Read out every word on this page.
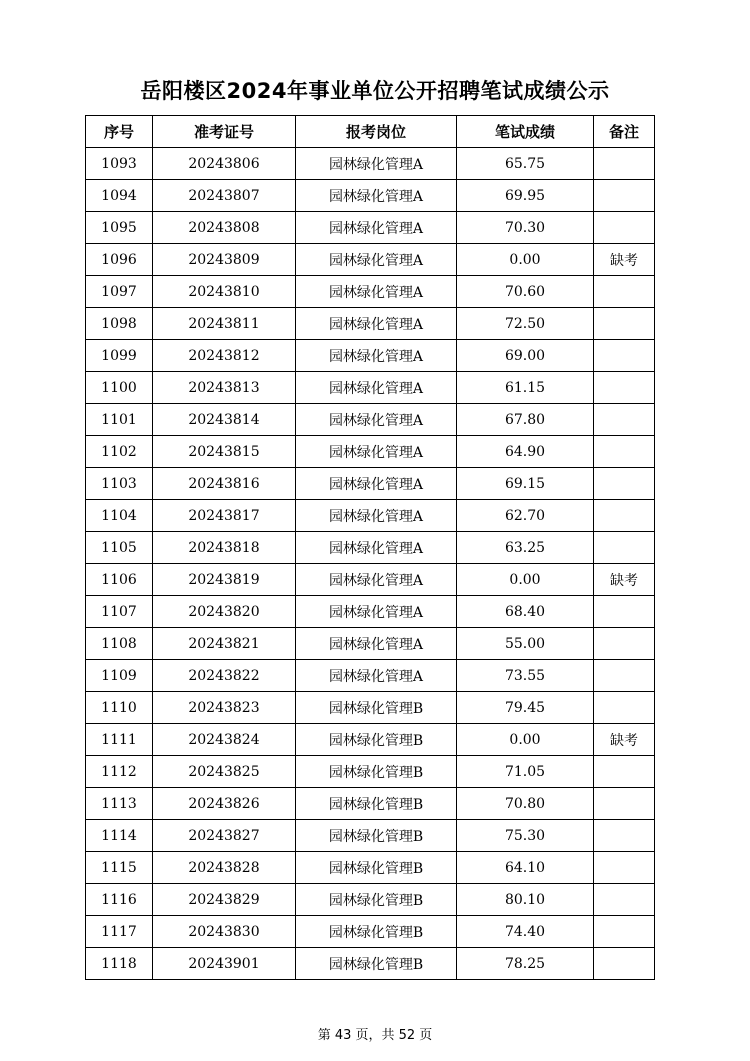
岳阳楼区2024年事业单位公开招聘笔试成绩公示
序号	准考证号	报考岗位	笔试成绩	备注
1093	20243806	园林绿化管理A	65.75	
1094	20243807	园林绿化管理A	69.95	
1095	20243808	园林绿化管理A	70.30	
1096	20243809	园林绿化管理A	0.00	缺考
1097	20243810	园林绿化管理A	70.60	
1098	20243811	园林绿化管理A	72.50	
1099	20243812	园林绿化管理A	69.00	
1100	20243813	园林绿化管理A	61.15	
1101	20243814	园林绿化管理A	67.80	
1102	20243815	园林绿化管理A	64.90	
1103	20243816	园林绿化管理A	69.15	
1104	20243817	园林绿化管理A	62.70	
1105	20243818	园林绿化管理A	63.25	
1106	20243819	园林绿化管理A	0.00	缺考
1107	20243820	园林绿化管理A	68.40	
1108	20243821	园林绿化管理A	55.00	
1109	20243822	园林绿化管理A	73.55	
1110	20243823	园林绿化管理B	79.45	
1111	20243824	园林绿化管理B	0.00	缺考
1112	20243825	园林绿化管理B	71.05	
1113	20243826	园林绿化管理B	70.80	
1114	20243827	园林绿化管理B	75.30	
1115	20243828	园林绿化管理B	64.10	
1116	20243829	园林绿化管理B	80.10	
1117	20243830	园林绿化管理B	74.40	
1118	20243901	园林绿化管理B	78.25	
第 43 页，共 52 页
